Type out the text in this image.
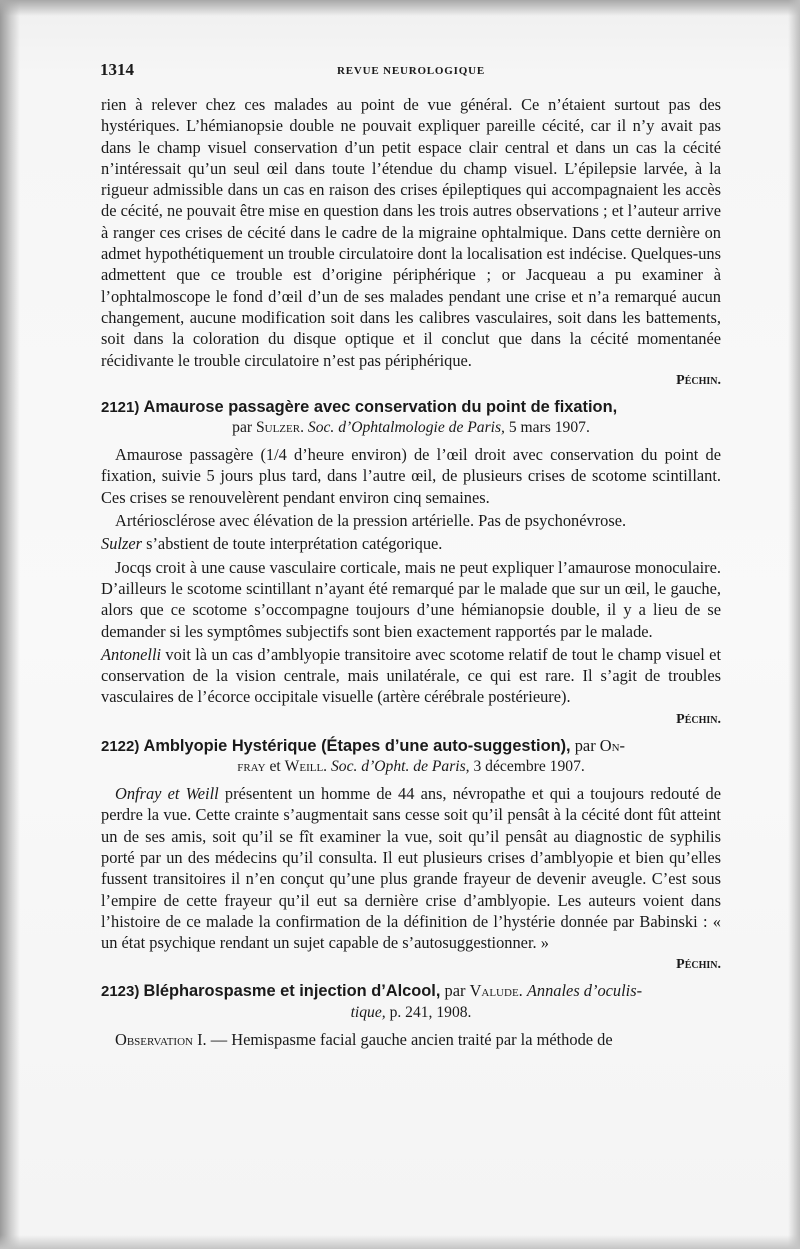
1314	REVUE NEUROLOGIQUE

rien à relever chez ces malades au point de vue général. Ce n’étaient surtout pas des hystériques. L’hémianopsie double ne pouvait expliquer pareille cécité, car il n’y avait pas dans le champ visuel conservation d’un petit espace clair central et dans un cas la cécité n’intéressait qu’un seul œil dans toute l’étendue du champ visuel. L’épilepsie larvée, à la rigueur admissible dans un cas en raison des crises épileptiques qui accompagnaient les accès de cécité, ne pouvait être mise en question dans les trois autres observations ; et l’auteur arrive à ranger ces crises de cécité dans le cadre de la migraine ophtalmique. Dans cette dernière on admet hypothétiquement un trouble circulatoire dont la localisation est indécise. Quelques-uns admettent que ce trouble est d’origine périphérique ; or Jacqueau a pu examiner à l’ophtalmoscope le fond d’œil d’un de ses malades pendant une crise et n’a remarqué aucun changement, aucune modification soit dans les calibres vasculaires, soit dans les battements, soit dans la coloration du disque optique et il conclut que dans la cécité momentanée récidivante le trouble circulatoire n’est pas périphérique.

Péchin.

2121) Amaurose passagère avec conservation du point de fixation,
par Sulzer. Soc. d’Ophtalmologie de Paris, 5 mars 1907.

Amaurose passagère (1/4 d’heure environ) de l’œil droit avec conservation du point de fixation, suivie 5 jours plus tard, dans l’autre œil, de plusieurs crises de scotome scintillant. Ces crises se renouvelèrent pendant environ cinq semaines.

Artériosclérose avec élévation de la pression artérielle. Pas de psychonévrose.

Sulzer s’abstient de toute interprétation catégorique.

Jocqs croit à une cause vasculaire corticale, mais ne peut expliquer l’amaurose monoculaire. D’ailleurs le scotome scintillant n’ayant été remarqué par le malade que sur un œil, le gauche, alors que ce scotome s’occompagne toujours d’une hémianopsie double, il y a lieu de se demander si les symptômes subjectifs sont bien exactement rapportés par le malade.

Antonelli voit là un cas d’amblyopie transitoire avec scotome relatif de tout le champ visuel et conservation de la vision centrale, mais unilatérale, ce qui est rare. Il s’agit de troubles vasculaires de l’écorce occipitale visuelle (artère cérébrale postérieure).

Péchin.

2122) Amblyopie Hystérique (Étapes d’une auto-suggestion), par On-
fray et Weill. Soc. d’Opht. de Paris, 3 décembre 1907.

Onfray et Weill présentent un homme de 44 ans, névropathe et qui a toujours redouté de perdre la vue. Cette crainte s’augmentait sans cesse soit qu’il pensât à la cécité dont fût atteint un de ses amis, soit qu’il se fît examiner la vue, soit qu’il pensât au diagnostic de syphilis porté par un des médecins qu’il consulta. Il eut plusieurs crises d’amblyopie et bien qu’elles fussent transitoires il n’en conçut qu’une plus grande frayeur de devenir aveugle. C’est sous l’empire de cette frayeur qu’il eut sa dernière crise d’amblyopie. Les auteurs voient dans l’histoire de ce malade la confirmation de la définition de l’hystérie donnée par Babinski : « un état psychique rendant un sujet capable de s’autosuggestionner. »

Péchin.

2123) Blépharospasme et injection d’Alcool, par Valude. Annales d’oculis-
tique, p. 241, 1908.

Observation I. — Hemispasme facial gauche ancien traité par la méthode de
